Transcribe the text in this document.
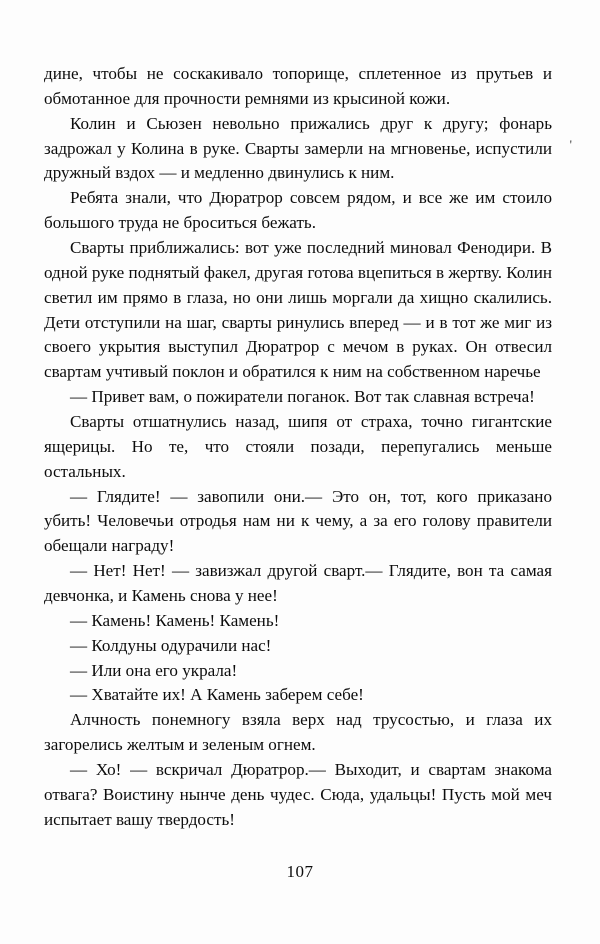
'

дине, чтобы не соскакивало топорище, сплетенное из прутьев и обмотанное для прочности ремнями из крысиной кожи.

Колин и Сьюзен невольно прижались друг к другу; фонарь задрожал у Колина в руке. Сварты замерли на мгновенье, испустили дружный вздох — и медленно двинулись к ним.

Ребята знали, что Дюратрор совсем рядом, и все же им стоило большого труда не броситься бежать.

Сварты приближались: вот уже последний миновал Фенодири. В одной руке поднятый факел, другая готова вцепиться в жертву. Колин светил им прямо в глаза, но они лишь моргали да хищно скалились. Дети отступили на шаг, сварты ринулись вперед — и в тот же миг из своего укрытия выступил Дюратрор с мечом в руках. Он отвесил свартам учтивый поклон и обратился к ним на собственном наречье

— Привет вам, о пожиратели поганок. Вот так славная встреча!

Сварты отшатнулись назад, шипя от страха, точно гигантские ящерицы. Но те, что стояли позади, перепугались меньше остальных.

— Глядите! — завопили они.— Это он, тот, кого приказано убить! Человечьи отродья нам ни к чему, а за его голову правители обещали награду!

— Нет! Нет! — завизжал другой сварт.— Глядите, вон та самая девчонка, и Камень снова у нее!

— Камень! Камень! Камень!

— Колдуны одурачили нас!

— Или она его украла!

— Хватайте их! А Камень заберем себе!

Алчность понемногу взяла верх над трусостью, и глаза их загорелись желтым и зеленым огнем.

— Хо! — вскричал Дюратрор.— Выходит, и свартам знакома отвага? Воистину нынче день чудес. Сюда, удальцы! Пусть мой меч испытает вашу твердость!

107
